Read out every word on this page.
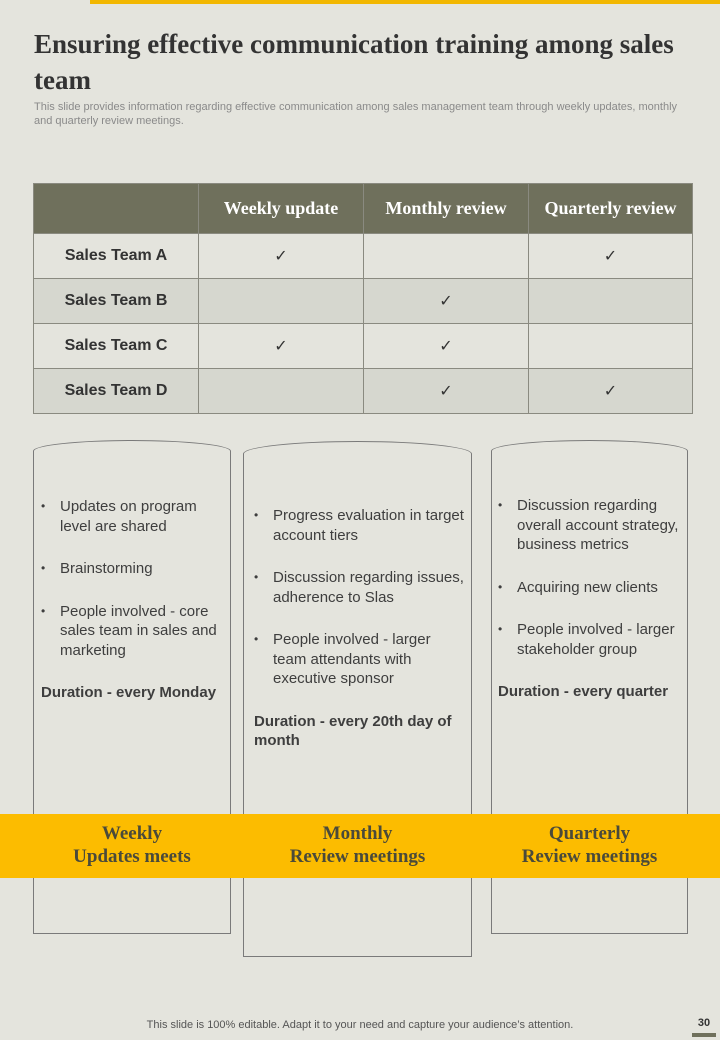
Ensuring effective communication training among sales team

This slide provides information regarding effective communication among sales management team through weekly updates, monthly and quarterly review meetings.

	Weekly update	Monthly review	Quarterly review
Sales Team A	✓		✓
Sales Team B		✓	
Sales Team C	✓	✓	
Sales Team D		✓	✓
• Updates on program level are shared
• Brainstorming
• People involved - core sales team in sales and marketing

Duration - every Monday

• Progress evaluation in target account tiers
• Discussion regarding issues, adherence to Slas
• People involved - larger team attendants with executive sponsor

Duration - every 20th day of month

• Discussion regarding overall account strategy, business metrics
• Acquiring new clients
• People involved - larger stakeholder group

Duration - every quarter

Weekly
Updates meets

Monthly
Review meetings

Quarterly
Review meetings

This slide is 100% editable. Adapt it to your need and capture your audience’s attention.	30
